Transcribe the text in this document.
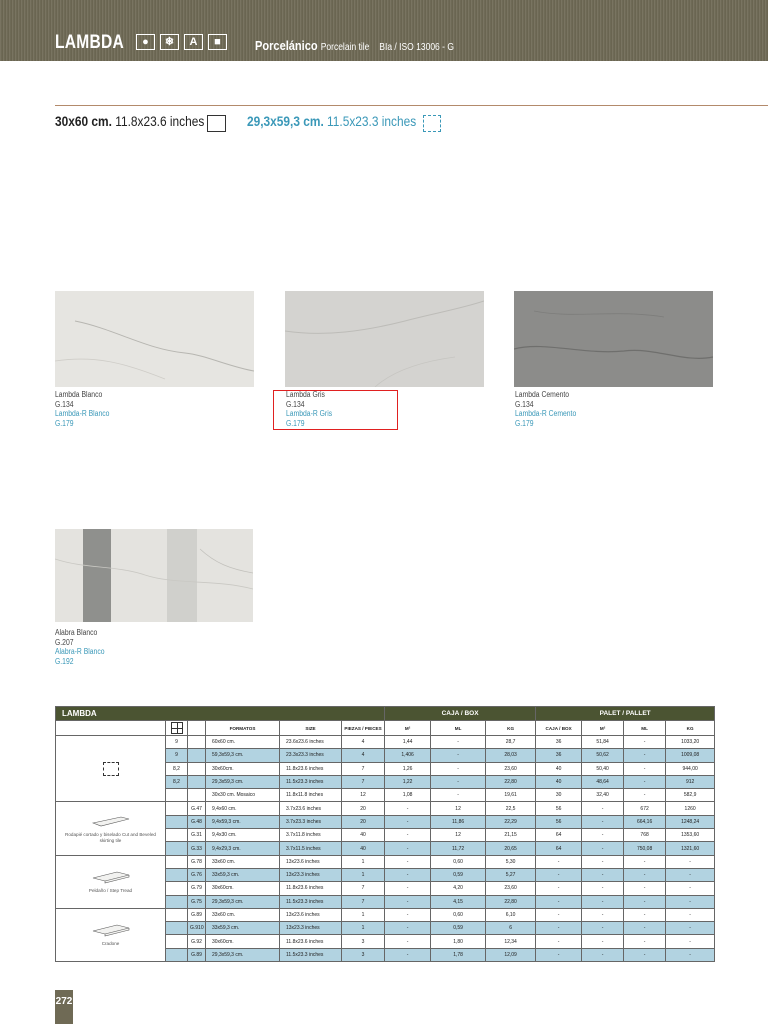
LAMBDA	●	❄	A	■	Porcelánico Porcelain tile BIa / ISO 13006 - G
30x60 cm. 11.8x23.6 inches	29,3x59,3 cm. 11.5x23.3 inches
Lambda Blanco
G.134
Lambda-R Blanco
G.179
Lambda Gris
G.134
Lambda-R Gris
G.179
Lambda Cemento
G.134
Lambda-R Cemento
G.179
Alabra Blanco
G.207
Alabra-R Blanco
G.192
LAMBDA						CAJA / BOX			PALET / PALLET			
			FORMATOS	SIZE	PIEZAS / PIECES	M²	ML	KG	CAJA / BOX	M²	ML	KG
	9		60x60 cm.	23.6x23.6 inches	4	1,44	-	28,7	36	51,84	-	1033,20
	9		59,3x59,3 cm.	23.3x23.3 inches	4	1,406	-	28,03	36	50,62	-	1009,08
	8,2		30x60cm.	11.8x23.6 inches	7	1,26	-	23,60	40	50,40	-	944,00
	8,2		29,3x59,3 cm.	11.5x23.3 inches	7	1,22	-	22,80	40	48,64	-	912
			30x30 cm. Mosaico	11.8x11.8 inches	12	1,08	-	19,61	30	32,40	-	582,9

Rodapié cortado y biselado Cut and Beveled skirting tile		G.47	9,4x60 cm.	3.7x23.6 inches	20	-	12	22,5	56	-	672	1260
		G.48	9,4x59,3 cm.	3.7x23.3 inches	20	-	11,86	22,29	56	-	664,16	1248,24
		G.31	9,4x30 cm.	3.7x11.8 inches	40	-	12	21,15	64	-	768	1353,60
		G.33	9,4x29,3 cm.	3.7x11.5 inches	40	-	11,72	20,65	64	-	750,08	1321,60

Peldaño / Step Tread		G.78	33x60 cm.	13x23.6 inches	1	-	0,60	5,30	-	-	-	-
		G.76	33x59,3 cm.	13x23.3 inches	1	-	0,59	5,27	-	-	-	-
		G.79	30x60cm.	11.8x23.6 inches	7	-	4,20	23,60	-	-	-	-
		G.75	29,3x59,3 cm.	11.5x23.3 inches	7	-	4,15	22,80	-	-	-	-

Cradone		G.89	33x60 cm.	13x23.6 inches	1	-	0,60	6,10	-	-	-	-
		G.910	33x59,3 cm.	13x23.3 inches	1	-	0,59	6	-	-	-	-
		G.92	30x60cm.	11.8x23.6 inches	3	-	1,80	12,34	-	-	-	-
		G.89	29,3x59,3 cm.	11.5x23.3 inches	3	-	1,78	12,09	-	-	-	-
272
